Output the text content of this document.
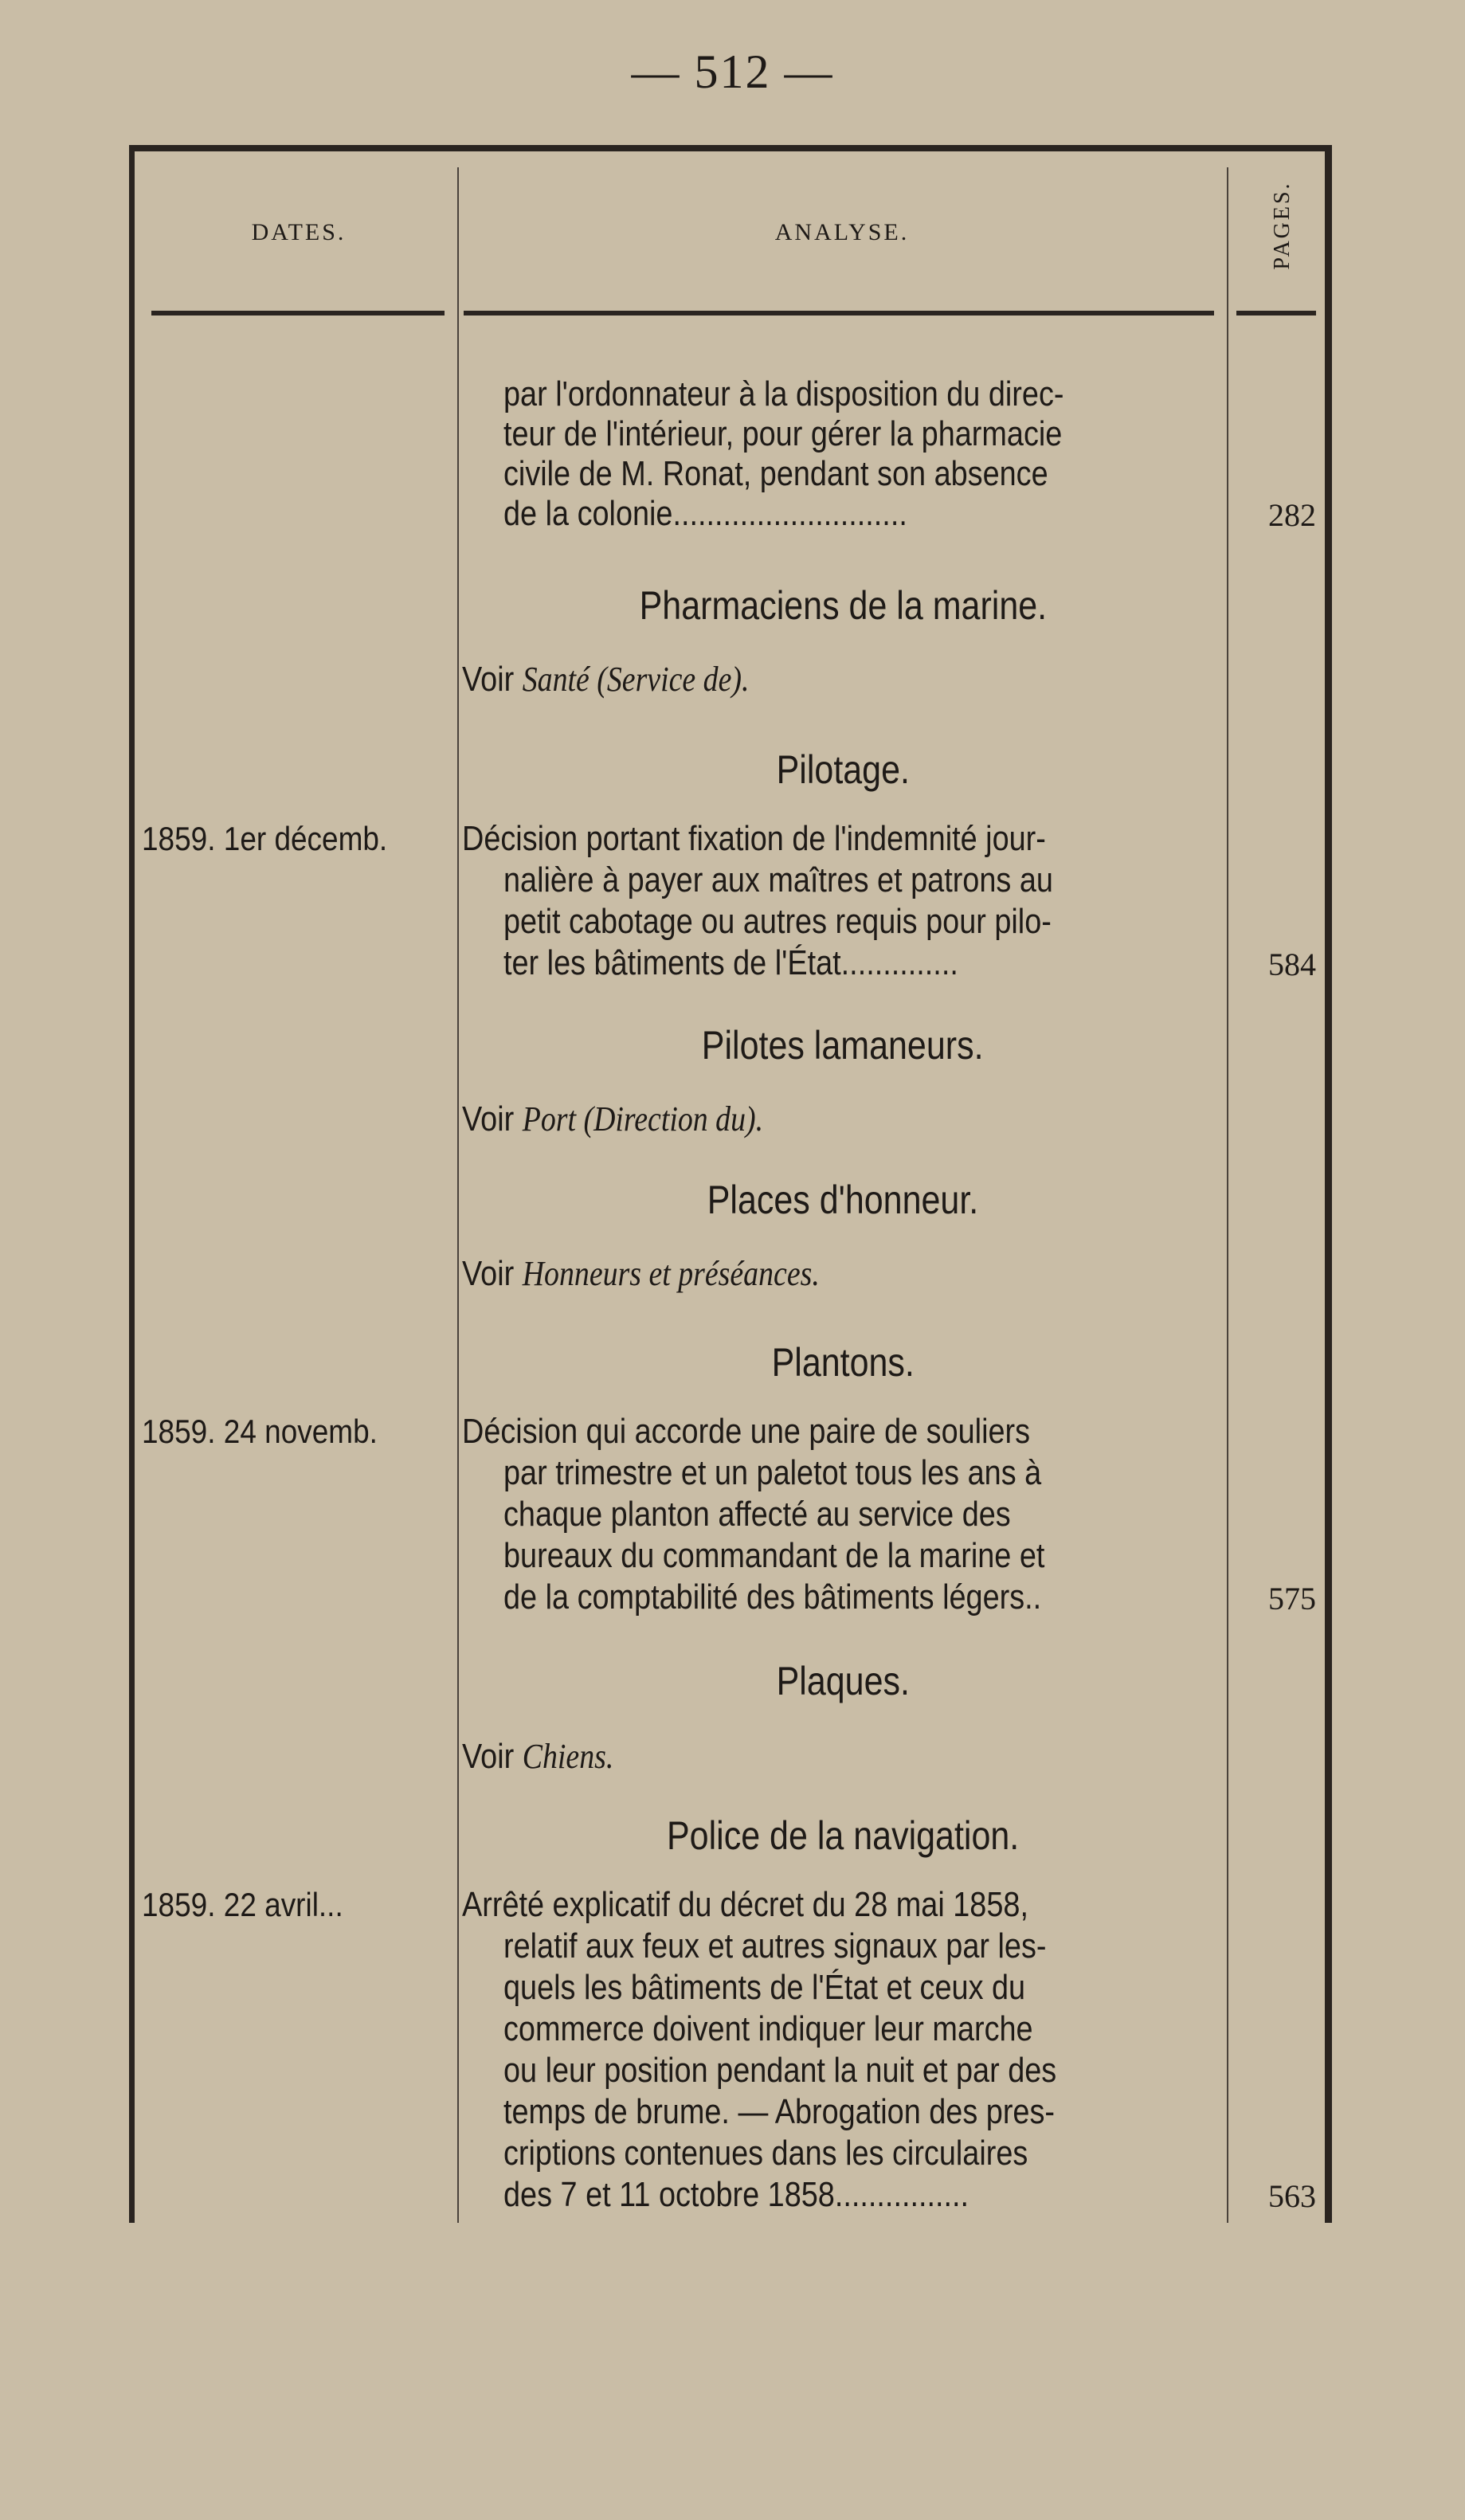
— 512 —
DATES.	ANALYSE.	PAGES.
par l'ordonnateur à la disposition du direc-
teur de l'intérieur, pour gérer la pharmacie
civile de M. Ronat, pendant son absence
de la colonie............................	282
Pharmaciens de la marine.
Voir Santé (Service de).
Pilotage.
1859. 1er décemb.	Décision portant fixation de l'indemnité jour-
nalière à payer aux maîtres et patrons au
petit cabotage ou autres requis pour pilo-
ter les bâtiments de l'État..............	584
Pilotes lamaneurs.
Voir Port (Direction du).
Places d'honneur.
Voir Honneurs et préséances.
Plantons.
1859. 24 novemb.	Décision qui accorde une paire de souliers
par trimestre et un paletot tous les ans à
chaque planton affecté au service des
bureaux du commandant de la marine et
de la comptabilité des bâtiments légers..	575
Plaques.
Voir Chiens.
Police de la navigation.
1859. 22 avril...	Arrêté explicatif du décret du 28 mai 1858,
relatif aux feux et autres signaux par les-
quels les bâtiments de l'État et ceux du
commerce doivent indiquer leur marche
ou leur position pendant la nuit et par des
temps de brume. — Abrogation des pres-
criptions contenues dans les circulaires
des 7 et 11 octobre 1858................	563
